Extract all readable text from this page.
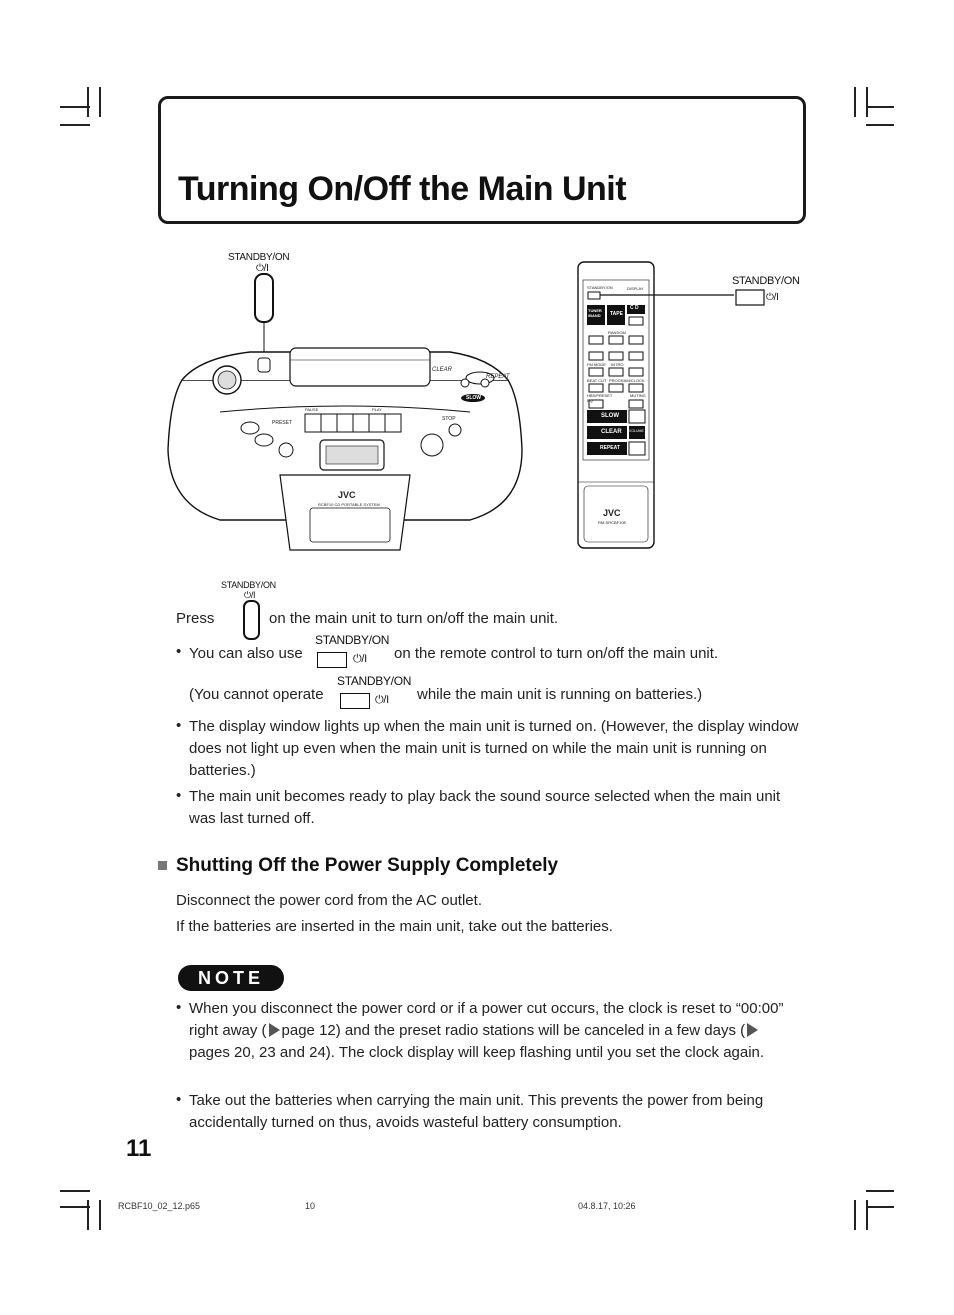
Turning On/Off the Main Unit
STANDBY/ON
⏻/I
JVC
RCBF10 CD PORTABLE SYSTEM
CLEAR
REPEAT
SLOW
PRESET
PAUSE	PLAY
STOP
STANDBY/ON	DISPLAY
TUNER /BAND	TAPE
C D
RANDOM
FM MODE INTRO
BEAT CUT PROGRAM/CLOCK
HBS/PRESET EQ
MUTING
SLOW
CLEAR
REPEAT
VOLUME
JVC
RM-SRCBF10E
STANDBY/ON
⏻/I
STANDBY/ON
⏻/I
Press	on the main unit to turn on/off the main unit.
• You can also use
STANDBY/ON
⏻/I on the remote control to turn on/off the main unit.
(You cannot operate
STANDBY/ON
⏻/I while the main unit is running on batteries.)
• The display window lights up when the main unit is turned on. (However, the display window does not light up even when the main unit is turned on while the main unit is running on batteries.)
• The main unit becomes ready to play back the sound source selected when the main unit was last turned off.
Shutting Off the Power Supply Completely
Disconnect the power cord from the AC outlet.
If the batteries are inserted in the main unit, take out the batteries.
NOTE
• When you disconnect the power cord or if a power cut occurs, the clock is reset to “00:00” right away ( page 12) and the preset radio stations will be canceled in a few days (pages 20, 23 and 24). The clock display will keep flashing until you set the clock again.
• Take out the batteries when carrying the main unit. This prevents the power from being accidentally turned on thus, avoids wasteful battery consumption.
11
RCBF10_02_12.p65	10	04.8.17, 10:26
